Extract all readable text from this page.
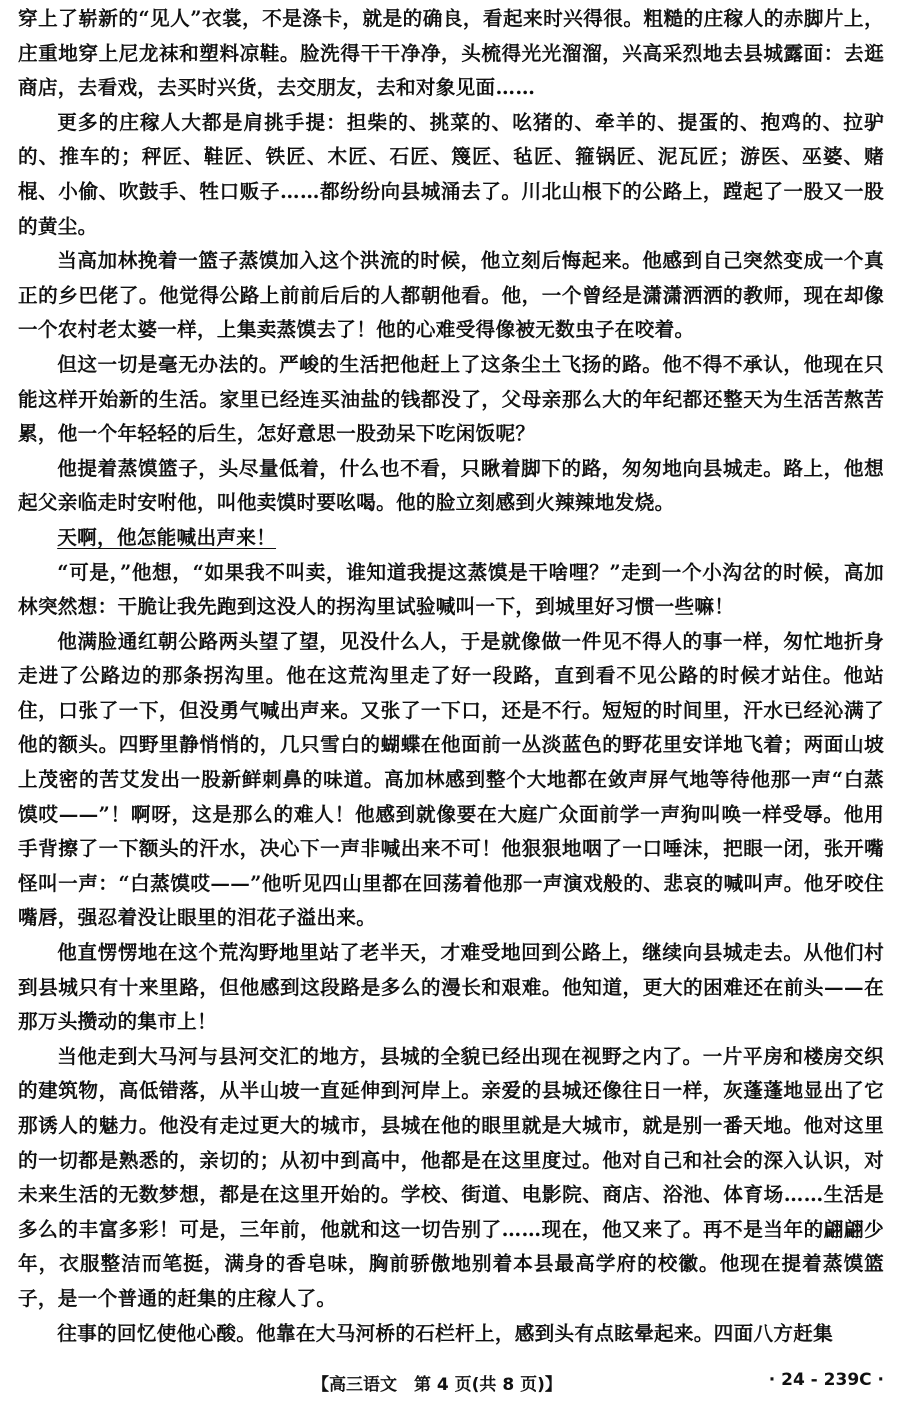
穿上了崭新的“见人”衣裳，不是涤卡，就是的确良，看起来时兴得很。粗糙的庄稼人的赤脚片上，庄重地穿上尼龙袜和塑料凉鞋。脸洗得干干净净，头梳得光光溜溜，兴高采烈地去县城露面：去逛商店，去看戏，去买时兴货，去交朋友，去和对象见面……

更多的庄稼人大都是肩挑手提：担柴的、挑菜的、吆猪的、牵羊的、提蛋的、抱鸡的、拉驴的、推车的；秤匠、鞋匠、铁匠、木匠、石匠、篾匠、毡匠、箍锅匠、泥瓦匠；游医、巫婆、赌棍、小偷、吹鼓手、牲口贩子……都纷纷向县城涌去了。川北山根下的公路上，蹚起了一股又一股的黄尘。

当高加林挽着一篮子蒸馍加入这个洪流的时候，他立刻后悔起来。他感到自己突然变成一个真正的乡巴佬了。他觉得公路上前前后后的人都朝他看。他，一个曾经是潇潇洒洒的教师，现在却像一个农村老太婆一样，上集卖蒸馍去了！他的心难受得像被无数虫子在咬着。

但这一切是毫无办法的。严峻的生活把他赶上了这条尘土飞扬的路。他不得不承认，他现在只能这样开始新的生活。家里已经连买油盐的钱都没了，父母亲那么大的年纪都还整天为生活苦熬苦累，他一个年轻轻的后生，怎好意思一股劲呆下吃闲饭呢？

他提着蒸馍篮子，头尽量低着，什么也不看，只瞅着脚下的路，匆匆地向县城走。路上，他想起父亲临走时安咐他，叫他卖馍时要吆喝。他的脸立刻感到火辣辣地发烧。

天啊，他怎能喊出声来！

“可是，”他想，“如果我不叫卖，谁知道我提这蒸馍是干啥哩？”走到一个小沟岔的时候，高加林突然想：干脆让我先跑到这没人的拐沟里试验喊叫一下，到城里好习惯一些嘛！

他满脸通红朝公路两头望了望，见没什么人，于是就像做一件见不得人的事一样，匆忙地折身走进了公路边的那条拐沟里。他在这荒沟里走了好一段路，直到看不见公路的时候才站住。他站住，口张了一下，但没勇气喊出声来。又张了一下口，还是不行。短短的时间里，汗水已经沁满了他的额头。四野里静悄悄的，几只雪白的蝴蝶在他面前一丛淡蓝色的野花里安详地飞着；两面山坡上茂密的苦艾发出一股新鲜刺鼻的味道。高加林感到整个大地都在敛声屏气地等待他那一声“白蒸馍哎——”！啊呀，这是那么的难人！他感到就像要在大庭广众面前学一声狗叫唤一样受辱。他用手背擦了一下额头的汗水，决心下一声非喊出来不可！他狠狠地咽了一口唾沫，把眼一闭，张开嘴怪叫一声：“白蒸馍哎——”他听见四山里都在回荡着他那一声演戏般的、悲哀的喊叫声。他牙咬住嘴唇，强忍着没让眼里的泪花子溢出来。

他直愣愣地在这个荒沟野地里站了老半天，才难受地回到公路上，继续向县城走去。从他们村到县城只有十来里路，但他感到这段路是多么的漫长和艰难。他知道，更大的困难还在前头——在那万头攒动的集市上！

当他走到大马河与县河交汇的地方，县城的全貌已经出现在视野之内了。一片平房和楼房交织的建筑物，高低错落，从半山坡一直延伸到河岸上。亲爱的县城还像往日一样，灰蓬蓬地显出了它那诱人的魅力。他没有走过更大的城市，县城在他的眼里就是大城市，就是别一番天地。他对这里的一切都是熟悉的，亲切的；从初中到高中，他都是在这里度过。他对自己和社会的深入认识，对未来生活的无数梦想，都是在这里开始的。学校、街道、电影院、商店、浴池、体育场……生活是多么的丰富多彩！可是，三年前，他就和这一切告别了……现在，他又来了。再不是当年的翩翩少年，衣服整洁而笔挺，满身的香皂味，胸前骄傲地别着本县最高学府的校徽。他现在提着蒸馍篮子，是一个普通的赶集的庄稼人了。

往事的回忆使他心酸。他靠在大马河桥的石栏杆上，感到头有点眩晕起来。四面八方赶集

【高三语文　第 4 页(共 8 页)】	· 24 - 239C ·
